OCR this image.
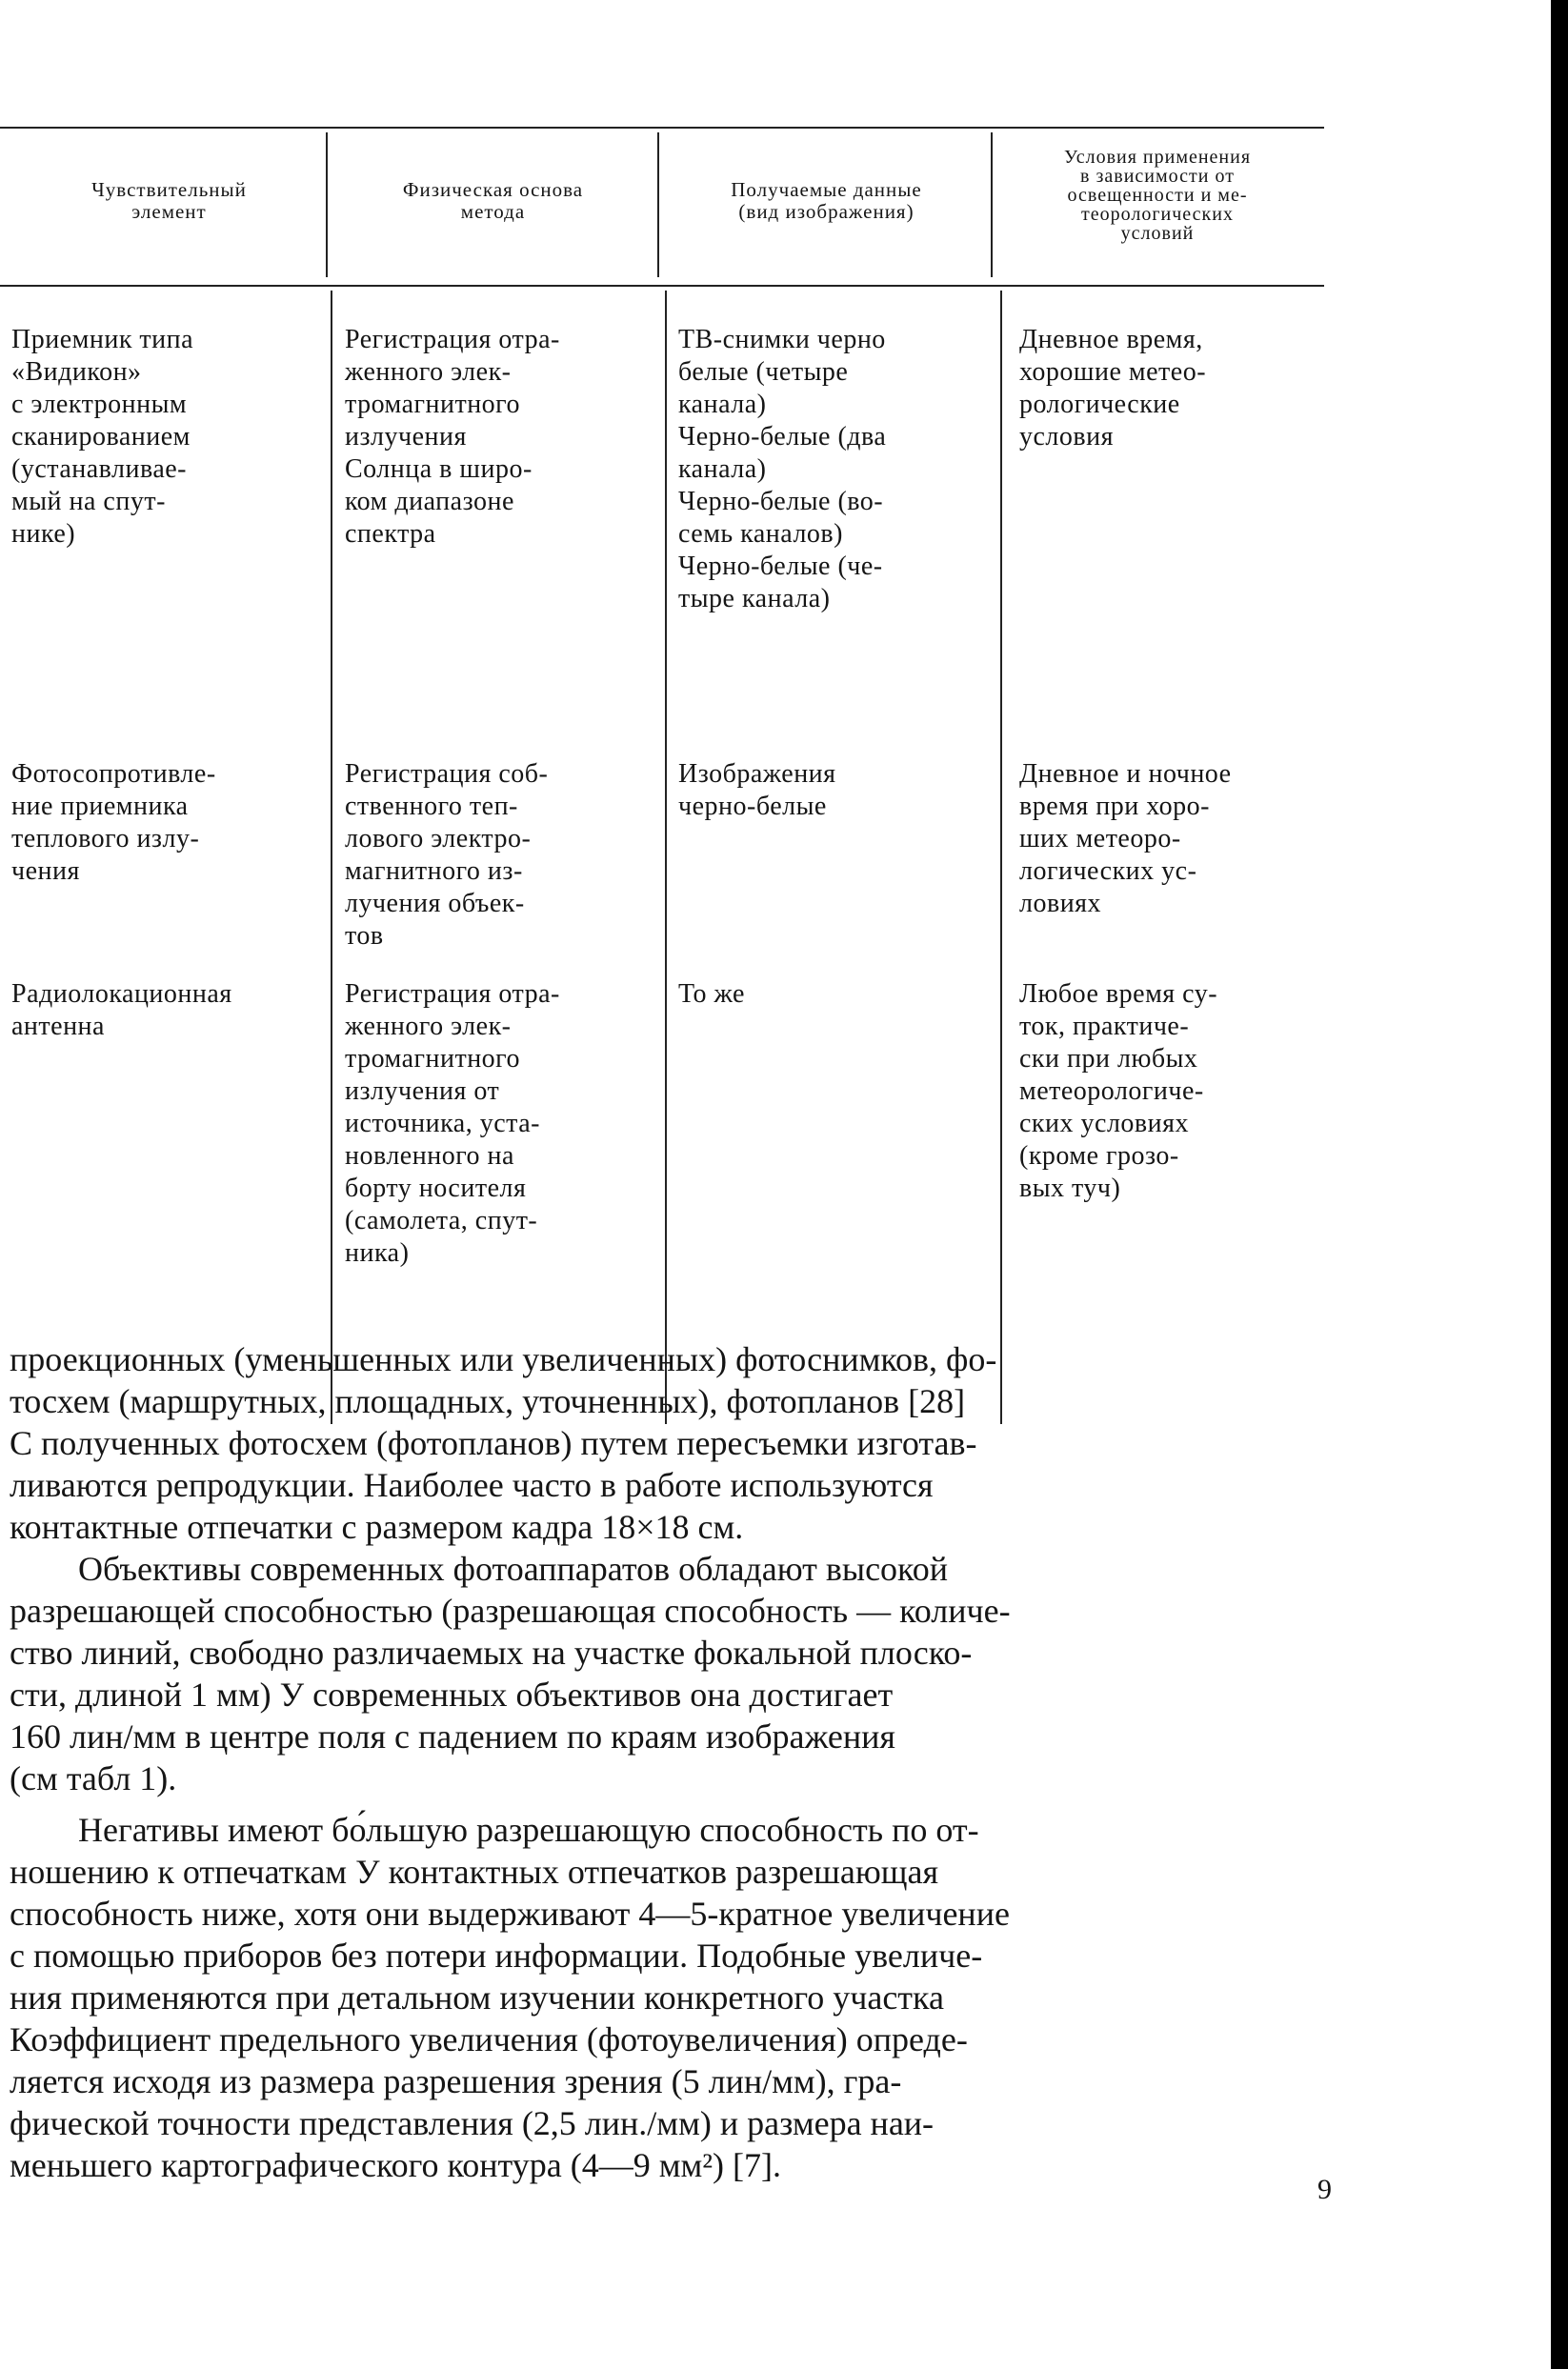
Чувствительный
элемент
Физическая основа
метода
Получаемые данные
(вид изображения)
Условия применения
в зависимости от
освещенности и ме-
теорологических
условий
Приемник типа
«Видикон»
с электронным
сканированием
(устанавливае-
мый на спут-
нике)
Регистрация отра-
женного элек-
тромагнитного
излучения
Солнца в широ-
ком диапазоне
спектра
ТВ-снимки черно
белые (четыре
канала)
Черно-белые (два
канала)
Черно-белые (во-
семь каналов)
Черно-белые (че-
тыре канала)
Дневное время,
хорошие метео-
рологические
условия
Фотосопротивле-
ние приемника
теплового излу-
чения
Регистрация соб-
ственного теп-
лового электро-
магнитного из-
лучения объек-
тов
Изображения
черно-белые
Дневное и ночное
время при хоро-
ших метеоро-
логических ус-
ловиях
Радиолокационная
антенна
Регистрация отра-
женного элек-
тромагнитного
излучения от
источника, уста-
новленного на
борту носителя
(самолета, спут-
ника)
То же	Любое время су-
ток, практиче-
ски при любых
метеорологиче-
ских условиях
(кроме грозо-
вых туч)

проекционных (уменьшенных или увеличенных) фотоснимков, фо-
тосхем (маршрутных, площадных, уточненных), фотопланов [28]
С полученных фотосхем (фотопланов) путем пересъемки изготав-
ливаются репродукции. Наиболее часто в работе используются
контактные отпечатки с размером кадра 18×18 см.

Объективы современных фотоаппаратов обладают высокой
разрешающей способностью (разрешающая способность — количе-
ство линий, свободно различаемых на участке фокальной плоско-
сти, длиной 1 мм) У современных объективов она достигает
160 лин/мм в центре поля с падением по краям изображения
(см табл 1).

Негативы имеют бо́льшую разрешающую способность по от-
ношению к отпечаткам У контактных отпечатков разрешающая
способность ниже, хотя они выдерживают 4—5-кратное увеличение
с помощью приборов без потери информации. Подобные увеличе-
ния применяются при детальном изучении конкретного участка
Коэффициент предельного увеличения (фотоувеличения) опреде-
ляется исходя из размера разрешения зрения (5 лин/мм), гра-
фической точности представления (2,5 лин./мм) и размера наи-
меньшего картографического контура (4—9 мм²) [7].

9
